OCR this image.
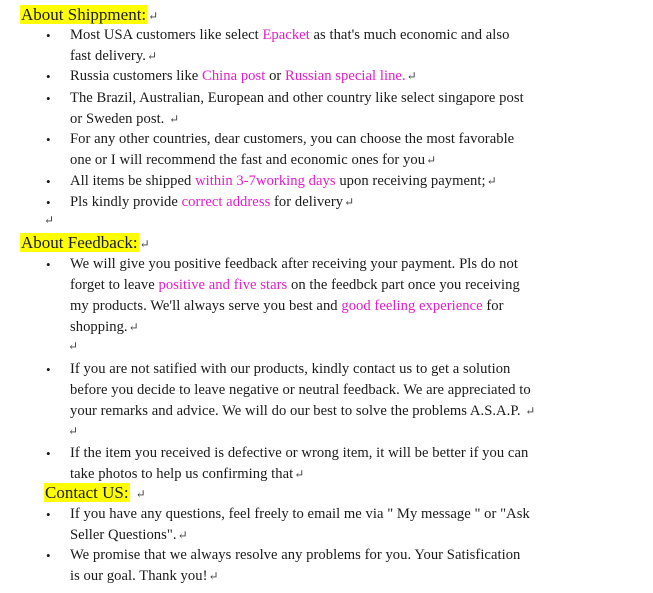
About Shippment: ↵
• Most USA customers like select Epacket as that's much economic and also
fast delivery.↵
• Russia customers like China post or Russian special line.↵
• The Brazil, Australian, European and other country like select singapore post
or Sweden post. ↵
• For any other countries, dear customers, you can choose the most favorable
one or I will recommend the fast and economic ones for you↵
• All items be shipped within 3-7working days upon receiving payment;↵
• Pls kindly provide correct address for delivery↵
↵
About Feedback: ↵
• We will give you positive feedback after receiving your payment. Pls do not
forget to leave positive and five stars on the feedbck part once you receiving
my products. We'll always serve you best and good feeling experience for
shopping.↵
• If you are not satified with our products, kindly contact us to get a solution
before you decide to leave negative or neutral feedback. We are appreciated to
your remarks and advice. We will do our best to solve the problems A.S.A.P. ↵
• If the item you received is defective or wrong item, it will be better if you can
take photos to help us confirming that↵
↵
↵
Contact US: ↵
• If you have any questions, feel freely to email me via " My message " or "Ask
Seller Questions".↵
• We promise that we always resolve any problems for you. Your Satisfication
is our goal. Thank you!↵
